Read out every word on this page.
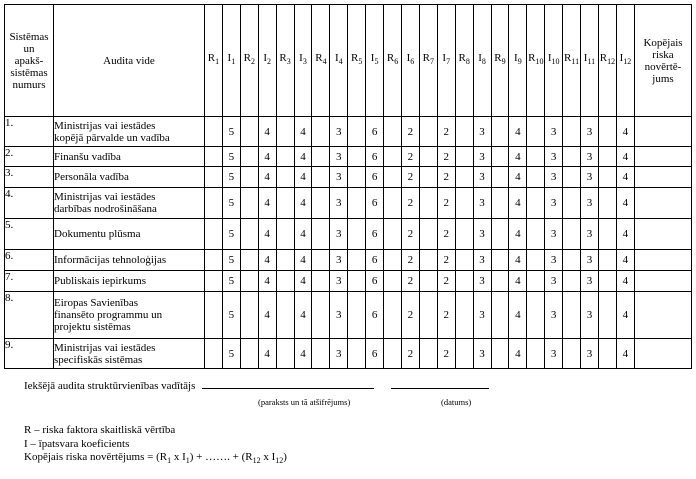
Sistēmas
un
apakš-
sistēmas
numurs	Audita vide	$R_1$	$I_1$	$R_2$	$I_2$	$R_3$	$I_3$	$R_4$	$I_4$	$R_5$	$I_5$	$R_6$	$I_6$	$R_7$	$I_7$	$R_8$	$I_8$	$R_9$	$I_9$	$R_{10}$	$I_{10}$	$R_{11}$	$I_{11}$	$R_{12}$	$I_{12}$	Kopējais
riska
novērtē-
jums
1.	Ministrijas vai iestādes
kopējā pārvalde un vadība		5		4		4		3		6		2		2		3		4		3		3		4	
2.	Finanšu vadība		5		4		4		3		6		2		2		3		4		3		3		4	
3.	Personāla vadība		5		4		4		3		6		2		2		3		4		3		3		4	
4.	Ministrijas vai iestādes
darbības nodrošināšana		5		4		4		3		6		2		2		3		4		3		3		4	
5.	Dokumentu plūsma		5		4		4		3		6		2		2		3		4		3		3		4	
6.	Informācijas tehnoloģijas		5		4		4		3		6		2		2		3		4		3		3		4	
7.	Publiskais iepirkums		5		4		4		3		6		2		2		3		4		3		3		4	
8.	Eiropas Savienības
finansēto programmu un
projektu sistēmas		5		4		4		3		6		2		2		3		4		3		3		4	
9.	Ministrijas vai iestādes
specifiskās sistēmas		5		4		4		3		6		2		2		3		4		3		3		4	
Iekšējā audita struktūrvienības vadītājs
(paraksts un tā atšifrējums)	(datums)
R – riska faktora skaitliskā vērtība
I – īpatsvara koeficients
Kopējais riska novērtējums = ($R_1$ x $I_1$) + ……. + ($R_{12}$ x $I_{12}$)
